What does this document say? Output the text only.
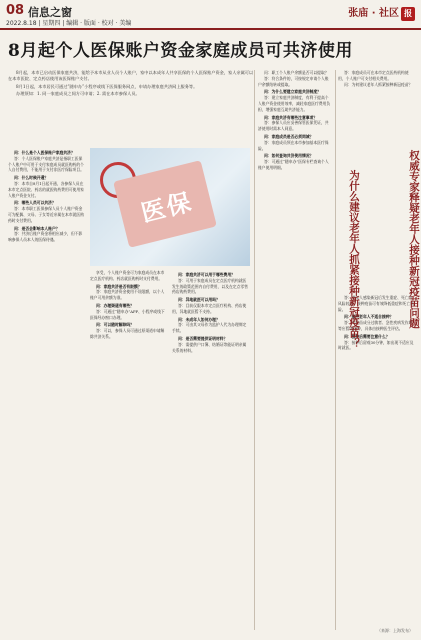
08 信息之窗
2022.8.18 | 星期四 | 编辑 · 版面 · 校对 · 美编
张庙 · 社区 报
8月起个人医保账户资金家庭成员可共济使用

8月起，本市已启动医保家庭共济，能给予本市从业人员个人账户，家中以本成年人共享医保的个人医保账户资金，家人亲属可以在本市医院、定点药店使用该医保账户支付。

8月1日起，本市居民可通过“随申办”小程序或线下医保服务网点，申请办理家庭共济网上服务等。

办理须知：1. 同一家庭成员之间方可申请；2. 需在本市参保人员。

医保

问：什么是个人医保账户家庭共济？

答：个人医保账户家庭共济是指职工医保个人账户中可用于支付家庭成员就医购药的个人自付费用，不能用于支付非医疗保险项目。

问：什么时候开通？

答：本市自8月1日起开通，各参保人员在本市定点医院、药店的就医购药费用可使用家人账户资金支付。

问：哪些人员可以共济？

答：本市职工医保参保人员个人账户资金可为配偶、父母、子女等近亲属在本市就医购药时支付费用。

问：是否会影响本人账户？

答：共济后账户资金将相应减少，但不影响参保人员本人的医保待遇。

享受，个人账户资金可为家庭成员在本市定点医疗机构、药店就医购药时支付费用。

问：家庭共济是否有限额？

答：家庭共济资金使用不设限额，以个人账户可用余额为准。

问：办理渠道有哪些？

答：可通过“随申办”APP、小程序或线下医保经办窗口办理。

问：可以随时解除吗？

答：可以，参保人员可通过原渠道申请解除共济关系。

问：家庭共济可以用于哪些费用？

答：可用于家庭成员在定点医疗机构就医发生的政策范围内自付费用，以及在定点零售药店购药费用。

问：异地就医可以用吗？

答：目前仅限本市定点医疗机构、药店使用，异地就医暂不支持。

问：未成年人如何办理？

答：可由其父母作为监护人代为办理绑定手续。

问：是否需要提供证明材料？

答：需提供户口簿、结婚证等能证明亲属关系的材料。

问：职工个人账户余额是否可以提取？

答：符合条件的，可按规定申请个人账户余额结转或提取。

问：为什么要建立家庭共济制度？

答：建立家庭共济制度，有利于提高个人账户资金使用效率，减轻家庭医疗费用负担，增强家庭互助共济能力。

问：家庭共济有哪些注意事项？

答：参保人员应妥善保管医保凭证，共济使用时需本人同意。

问：家庭成员是否必须同城？

答：家庭成员须在本市参加基本医疗保险。

问：如何查询共济使用情况？

答：可通过“随申办”医保专栏查询个人账户使用明细。

答：家庭成员可在本市定点医药机构使用，个人账户可支付相关费用。

问：为何建议老年人抓紧接种新冠疫苗？

答：老年人感染新冠后发生重症、死亡的风险较高，接种疫苗可有效降低重症和死亡风险。

问：哪些老年人不适合接种？

答：对疫苗成分过敏者、急性疾病发作期等应暂缓接种，具体由接种医生评估。

问：接种后需要注意什么？

答：接种后留观30分钟，如出现不适应及时就医。

权威专家释疑老年人接种新冠疫苗问题
为什么建议老年人抓紧接种新冠疫苗？
（来源：上海发布）
